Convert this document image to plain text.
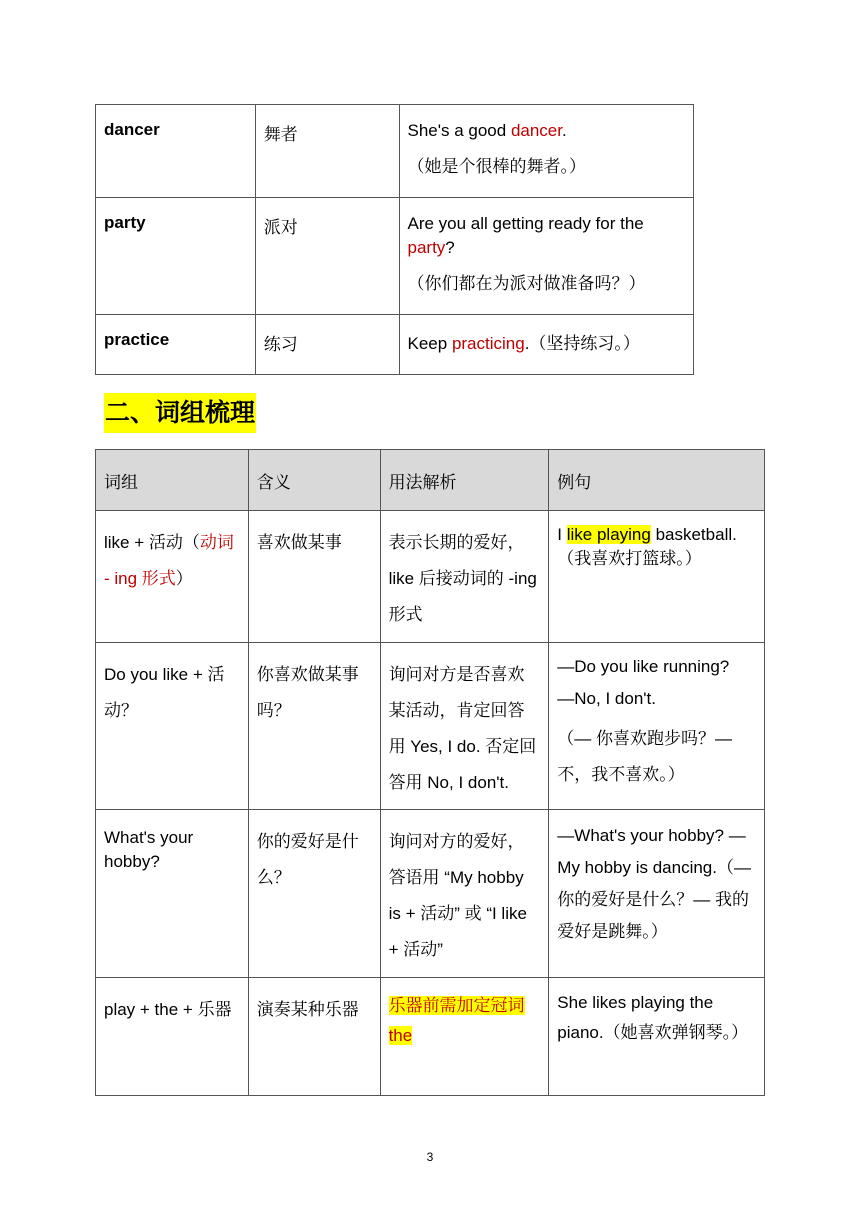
dancer	舞者	She's a good dancer.
（她是个很棒的舞者。）

party	派对	Are you all getting ready for the party?
（你们都在为派对做准备吗？）

practice	练习	Keep practicing.（坚持练习。）
二、词组梳理
词组	含义	用法解析	例句
like + 活动（动词 - ing 形式）	喜欢做某事	表示长期的爱好，like 后接动词的 -ing 形式	I like playing basketball.（我喜欢打篮球。）
Do you like + 活动？	你喜欢做某事吗？	询问对方是否喜欢某活动，肯定回答用 Yes, I do. 否定回答用 No, I don't.	—Do you like running?
—No, I don't.
（— 你喜欢跑步吗？— 不，我不喜欢。）

What's your hobby?	你的爱好是什么？	询问对方的爱好，答语用 “My hobby is + 活动” 或 “I like + 活动”	—What's your hobby? — My hobby is dancing.（— 你的爱好是什么？— 我的爱好是跳舞。）
play + the + 乐器	演奏某种乐器	乐器前需加定冠词 the	She likes playing the piano.（她喜欢弹钢琴。）
3
